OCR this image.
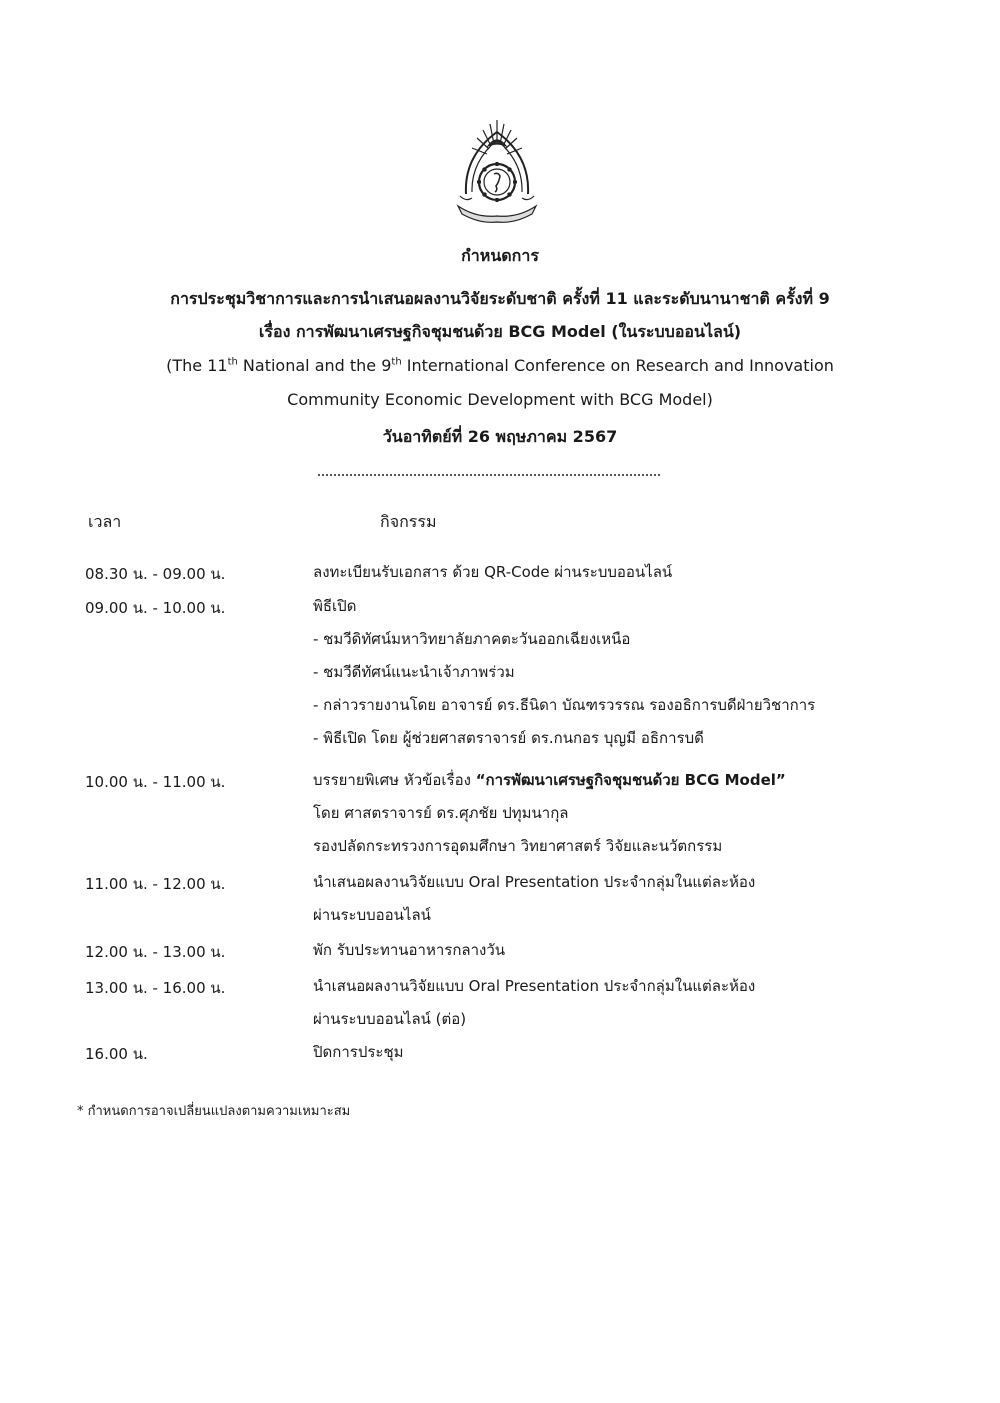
กำหนดการ
การประชุมวิชาการและการนำเสนอผลงานวิจัยระดับชาติ ครั้งที่ 11 และระดับนานาชาติ ครั้งที่ 9
เรื่อง การพัฒนาเศรษฐกิจชุมชนด้วย BCG Model (ในระบบออนไลน์)
(The 11th National and the 9th International Conference on Research and Innovation
Community Economic Development with BCG Model)
วันอาทิตย์ที่ 26 พฤษภาคม 2567
เวลา	กิจกรรม
08.30 น. - 09.00 น.	ลงทะเบียนรับเอกสาร ด้วย QR-Code ผ่านระบบออนไลน์
09.00 น. - 10.00 น.	พิธีเปิด
- ชมวีดิทัศน์มหาวิทยาลัยภาคตะวันออกเฉียงเหนือ
- ชมวีดีทัศน์แนะนำเจ้าภาพร่วม
- กล่าวรายงานโดย อาจารย์ ดร.ธีนิดา บัณฑรวรรณ รองอธิการบดีฝ่ายวิชาการ
- พิธีเปิด โดย ผู้ช่วยศาสตราจารย์ ดร.กนกอร บุญมี อธิการบดี
10.00 น. - 11.00 น.	บรรยายพิเศษ หัวข้อเรื่อง “การพัฒนาเศรษฐกิจชุมชนด้วย BCG Model”
โดย ศาสตราจารย์ ดร.ศุภชัย ปทุมนากุล
รองปลัดกระทรวงการอุดมศึกษา วิทยาศาสตร์ วิจัยและนวัตกรรม
11.00 น. - 12.00 น.	นำเสนอผลงานวิจัยแบบ Oral Presentation ประจำกลุ่มในแต่ละห้อง
ผ่านระบบออนไลน์
12.00 น. - 13.00 น.	พัก รับประทานอาหารกลางวัน
13.00 น. - 16.00 น.	นำเสนอผลงานวิจัยแบบ Oral Presentation ประจำกลุ่มในแต่ละห้อง
ผ่านระบบออนไลน์ (ต่อ)
16.00 น.	ปิดการประชุม
* กำหนดการอาจเปลี่ยนแปลงตามความเหมาะสม
